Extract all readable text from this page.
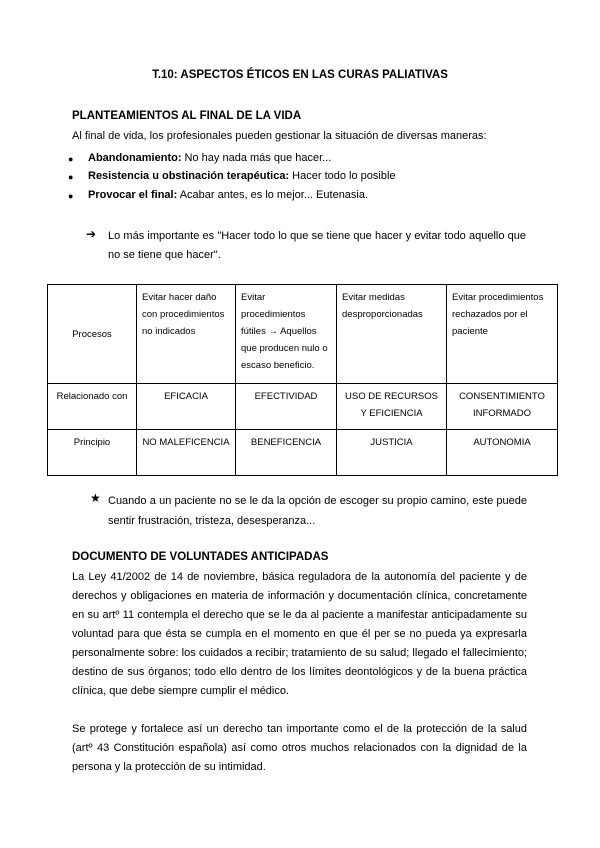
T.10: ASPECTOS ÉTICOS EN LAS CURAS PALIATIVAS
PLANTEAMIENTOS AL FINAL DE LA VIDA
Al final de vida, los profesionales pueden gestionar la situación de diversas maneras:
● Abandonamiento: No hay nada más que hacer...
● Resistencia u obstinación terapéutica: Hacer todo lo posible
● Provocar el final: Acabar antes, es lo mejor... Eutenasia.
➔ Lo más importante es "Hacer todo lo que se tiene que hacer y evitar todo aquello que no se tiene que hacer".
Procesos	Evitar hacer daño con procedimientos no indicados	Evitar procedimientos fútiles → Aquellos que producen nulo o escaso beneficio.	Evitar medidas desproporcionadas	Evitar procedimientos rechazados por el paciente
Relacionado con	EFICACIA	EFECTIVIDAD	USO DE RECURSOS Y EFICIENCIA	CONSENTIMIENTO INFORMADO
Principio	NO MALEFICENCIA	BENEFICENCIA	JUSTICIA	AUTONOMIA
★ Cuando a un paciente no se le da la opción de escoger su propio camino, este puede sentir frustración, tristeza, desesperanza...
DOCUMENTO DE VOLUNTADES ANTICIPADAS
La Ley 41/2002 de 14 de noviembre, básica reguladora de la autonomía del paciente y de derechos y obligaciones en materia de información y documentación clínica, concretamente en su artº 11 contempla el derecho que se le da al paciente a manifestar anticipadamente su voluntad para que ésta se cumpla en el momento en que él per se no pueda ya expresarla personalmente sobre: los cuidados a recibir; tratamiento de su salud; llegado el fallecimiento; destino de sus órganos; todo ello dentro de los límites deontológicos y de la buena práctica clínica, que debe siempre cumplir el médico.
Se protege y fortalece así un derecho tan importante como el de la protección de la salud (artº 43 Constitución española) así como otros muchos relacionados con la dignidad de la persona y la protección de su intimidad.
